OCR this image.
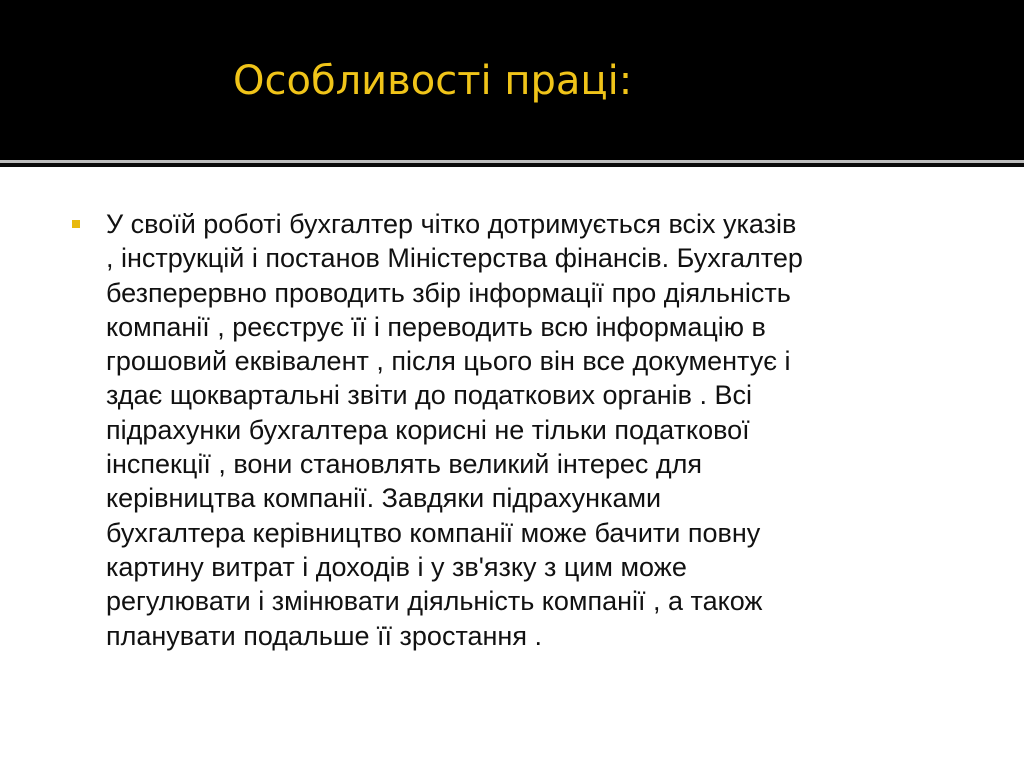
Особливості праці:

У своїй роботі бухгалтер чітко дотримується всіх указів
, інструкцій і постанов Міністерства фінансів. Бухгалтер
безперервно проводить збір інформації про діяльність
компанії , реєструє її і переводить всю інформацію в
грошовий еквівалент , після цього він все документує і
здає щоквартальні звіти до податкових органів . Всі
підрахунки бухгалтера корисні не тільки податкової
інспекції , вони становлять великий інтерес для
керівництва компанії. Завдяки підрахунками
бухгалтера керівництво компанії може бачити повну
картину витрат і доходів і у зв'язку з цим може
регулювати і змінювати діяльність компанії , а також
планувати подальше її зростання .
